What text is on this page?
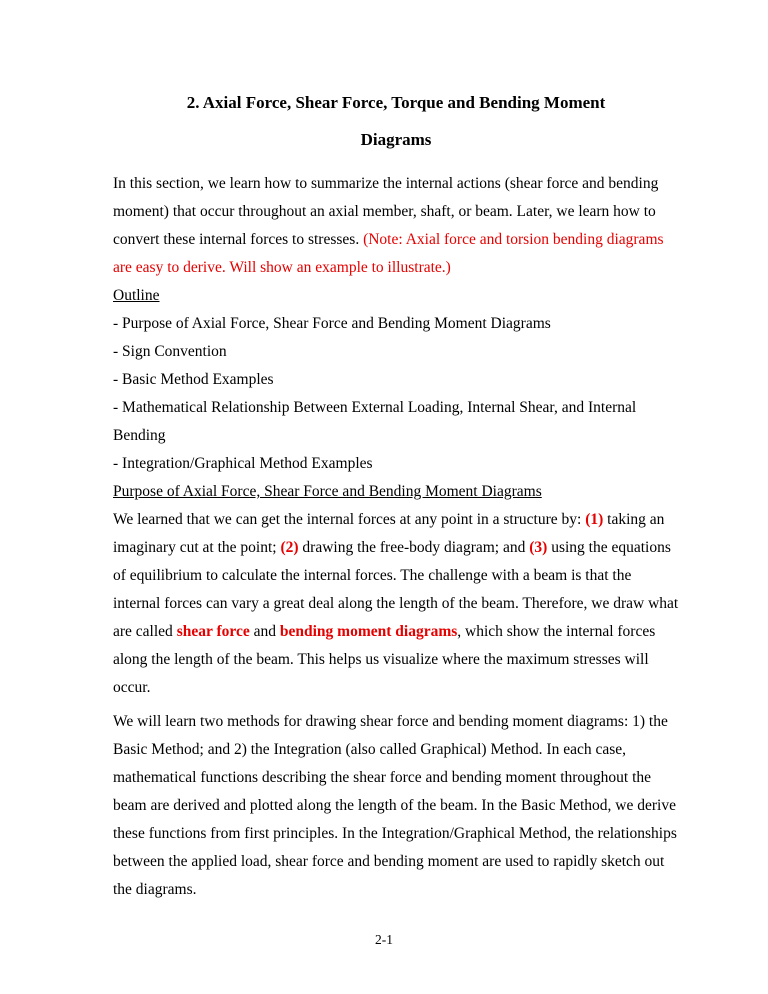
2. Axial Force, Shear Force, Torque and Bending Moment
Diagrams

In this section, we learn how to summarize the internal actions (shear force and bending moment) that occur throughout an axial member, shaft, or beam. Later, we learn how to convert these internal forces to stresses. (Note: Axial force and torsion bending diagrams are easy to derive. Will show an example to illustrate.)

Outline

- Purpose of Axial Force, Shear Force and Bending Moment Diagrams

- Sign Convention

- Basic Method Examples

- Mathematical Relationship Between External Loading, Internal Shear, and Internal Bending

- Integration/Graphical Method Examples

Purpose of Axial Force, Shear Force and Bending Moment Diagrams

We learned that we can get the internal forces at any point in a structure by: (1) taking an imaginary cut at the point; (2) drawing the free-body diagram; and (3) using the equations of equilibrium to calculate the internal forces. The challenge with a beam is that the internal forces can vary a great deal along the length of the beam. Therefore, we draw what are called shear force and bending moment diagrams, which show the internal forces along the length of the beam. This helps us visualize where the maximum stresses will occur.

We will learn two methods for drawing shear force and bending moment diagrams: 1) the Basic Method; and 2) the Integration (also called Graphical) Method. In each case, mathematical functions describing the shear force and bending moment throughout the beam are derived and plotted along the length of the beam. In the Basic Method, we derive these functions from first principles. In the Integration/Graphical Method, the relationships between the applied load, shear force and bending moment are used to rapidly sketch out the diagrams.

2-1
